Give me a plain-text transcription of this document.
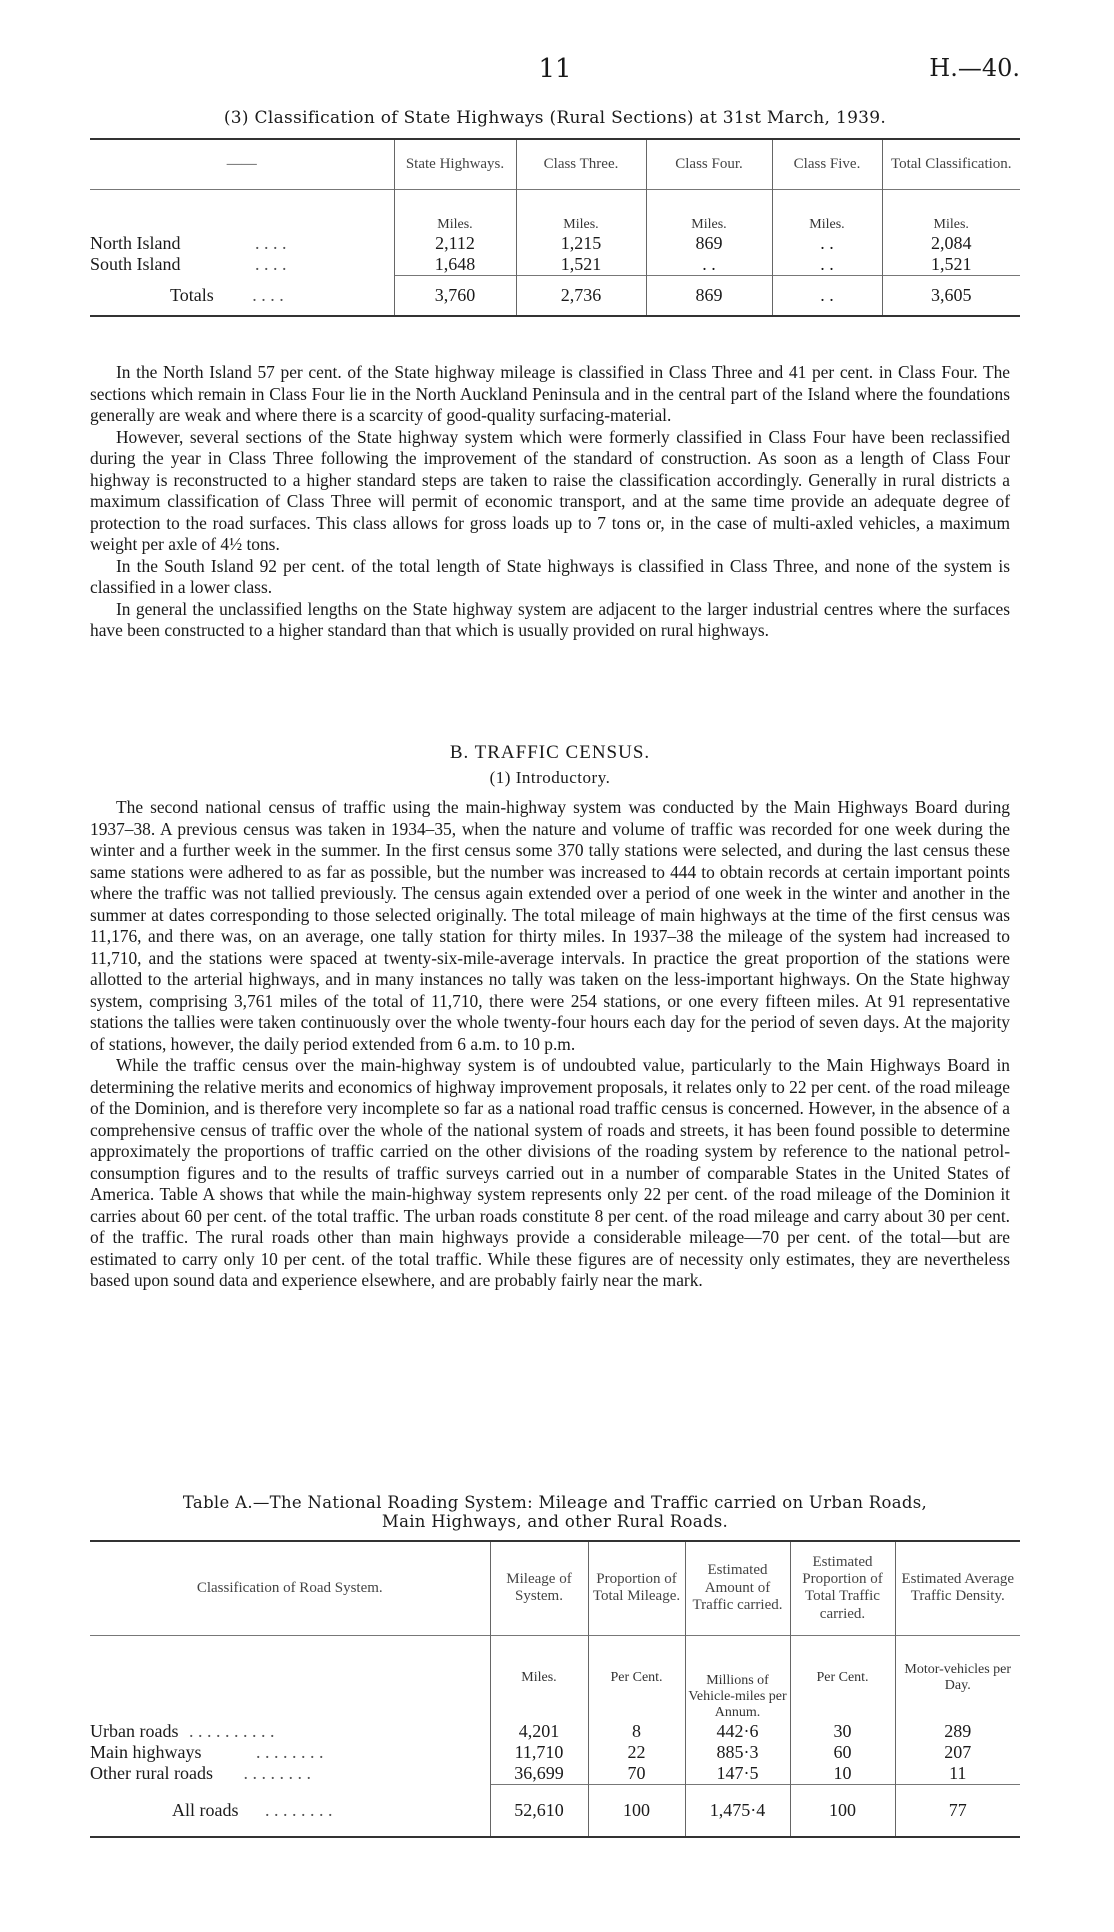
11	H.—40.
(3) Classification of State Highways (Rural Sections) at 31st March, 1939.
——	State Highways.	Class Three.	Class Four.	Class Five.	Total Classification.
	Miles.	Miles.	Miles.	Miles.	Miles.
North Island . . . .	2,112	1,215	869	. .	2,084
South Island . . . .	1,648	1,521	. .	. .	1,521
Totals . . . .	3,760	2,736	869	. .	3,605

In the North Island 57 per cent. of the State highway mileage is classified in Class Three and 41 per cent. in Class Four. The sections which remain in Class Four lie in the North Auckland Peninsula and in the central part of the Island where the foundations generally are weak and where there is a scarcity of good-quality surfacing-material.

However, several sections of the State highway system which were formerly classified in Class Four have been reclassified during the year in Class Three following the improvement of the standard of construction. As soon as a length of Class Four highway is reconstructed to a higher standard steps are taken to raise the classification accordingly. Generally in rural districts a maximum classification of Class Three will permit of economic transport, and at the same time provide an adequate degree of protection to the road surfaces. This class allows for gross loads up to 7 tons or, in the case of multi-axled vehicles, a maximum weight per axle of 4½ tons.

In the South Island 92 per cent. of the total length of State highways is classified in Class Three, and none of the system is classified in a lower class.

In general the unclassified lengths on the State highway system are adjacent to the larger industrial centres where the surfaces have been constructed to a higher standard than that which is usually provided on rural highways.

B. TRAFFIC CENSUS.
(1) Introductory.

The second national census of traffic using the main-highway system was conducted by the Main Highways Board during 1937–38. A previous census was taken in 1934–35, when the nature and volume of traffic was recorded for one week during the winter and a further week in the summer. In the first census some 370 tally stations were selected, and during the last census these same stations were adhered to as far as possible, but the number was increased to 444 to obtain records at certain important points where the traffic was not tallied previously. The census again extended over a period of one week in the winter and another in the summer at dates corresponding to those selected originally. The total mileage of main highways at the time of the first census was 11,176, and there was, on an average, one tally station for thirty miles. In 1937–38 the mileage of the system had increased to 11,710, and the stations were spaced at twenty-six-mile-average intervals. In practice the great proportion of the stations were allotted to the arterial highways, and in many instances no tally was taken on the less-important highways. On the State highway system, comprising 3,761 miles of the total of 11,710, there were 254 stations, or one every fifteen miles. At 91 representative stations the tallies were taken continuously over the whole twenty-four hours each day for the period of seven days. At the majority of stations, however, the daily period extended from 6 a.m. to 10 p.m.

While the traffic census over the main-highway system is of undoubted value, particularly to the Main Highways Board in determining the relative merits and economics of highway improvement proposals, it relates only to 22 per cent. of the road mileage of the Dominion, and is therefore very incomplete so far as a national road traffic census is concerned. However, in the absence of a comprehensive census of traffic over the whole of the national system of roads and streets, it has been found possible to determine approximately the proportions of traffic carried on the other divisions of the roading system by reference to the national petrol-consumption figures and to the results of traffic surveys carried out in a number of comparable States in the United States of America. Table A shows that while the main-highway system represents only 22 per cent. of the road mileage of the Dominion it carries about 60 per cent. of the total traffic. The urban roads constitute 8 per cent. of the road mileage and carry about 30 per cent. of the traffic. The rural roads other than main highways provide a considerable mileage—70 per cent. of the total—but are estimated to carry only 10 per cent. of the total traffic. While these figures are of necessity only estimates, they are nevertheless based upon sound data and experience elsewhere, and are probably fairly near the mark.

Table A.—The National Roading System: Mileage and Traffic carried on Urban Roads,
Main Highways, and other Rural Roads.
Classification of Road System.	Mileage of System.	Proportion of Total Mileage.	Estimated Amount of Traffic carried.	Estimated Proportion of Total Traffic carried.	Estimated Average Traffic Density.
	Miles.	Per Cent.	Millions of Vehicle-miles per Annum.	Per Cent.	Motor-vehicles per Day.
Urban roads . . . . . . . . . .	4,201	8	442·6	30	289
Main highways . . . . . . . .	11,710	22	885·3	60	207
Other rural roads . . . . . . . .	36,699	70	147·5	10	11
All roads . . . . . . . .	52,610	100	1,475·4	100	77
